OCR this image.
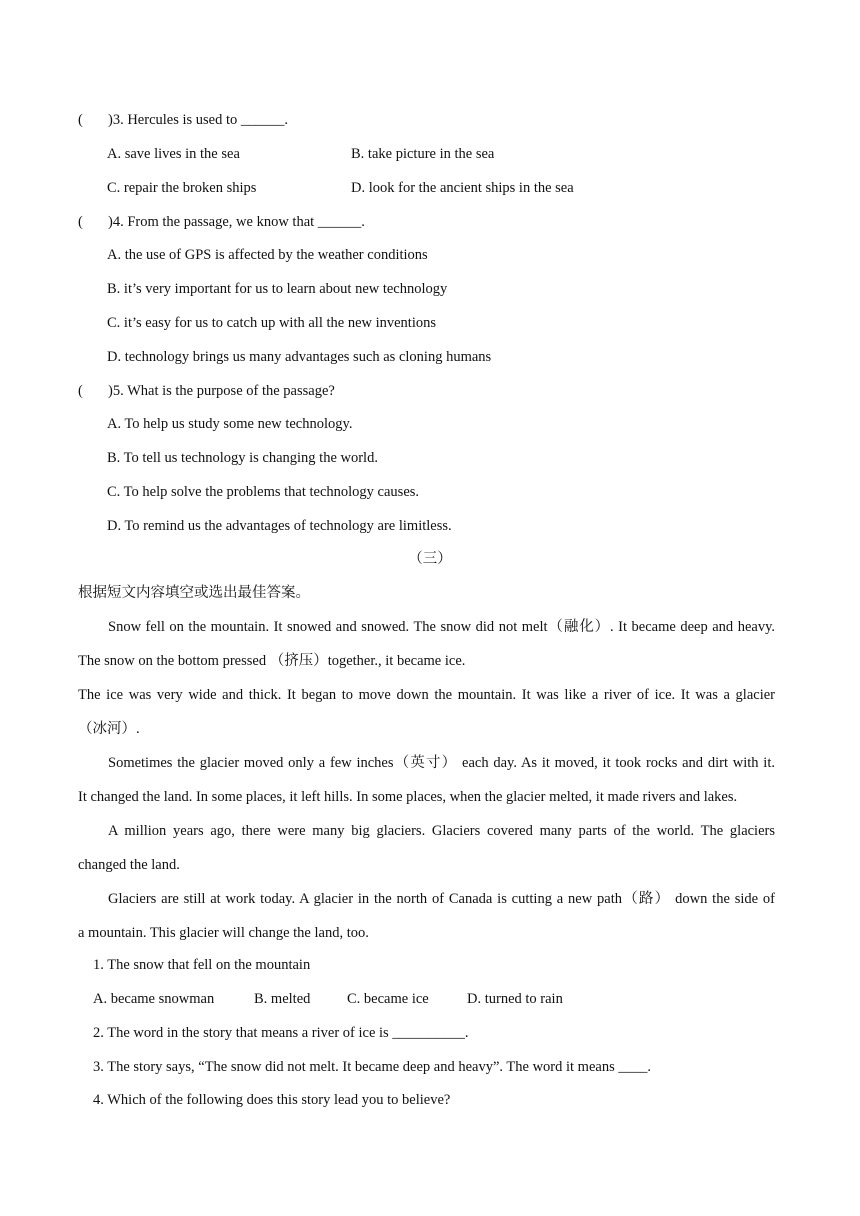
( )3. Hercules is used to ______.
A. save lives in the sea	B. take picture in the sea
C. repair the broken ships	D. look for the ancient ships in the sea
( )4. From the passage, we know that ______.
A. the use of GPS is affected by the weather conditions
B. it’s very important for us to learn about new technology
C. it’s easy for us to catch up with all the new inventions
D. technology brings us many advantages such as cloning humans
( )5. What is the purpose of the passage?
A. To help us study some new technology.
B. To tell us technology is changing the world.
C. To help solve the problems that technology causes.
D. To remind us the advantages of technology are limitless.
（三）
根据短文内容填空或选出最佳答案。
Snow fell on the mountain. It snowed and snowed. The snow did not melt（融化）. It became deep and heavy.
The snow on the bottom pressed （挤压）together., it became ice.
The ice was very wide and thick. It began to move down the mountain. It was like a river of ice. It was a glacier
（冰河）.
Sometimes the glacier moved only a few inches（英寸） each day. As it moved, it took rocks and dirt with it.
It changed the land. In some places, it left hills. In some places, when the glacier melted, it made rivers and lakes.
A million years ago, there were many big glaciers. Glaciers covered many parts of the world. The glaciers
changed the land.
Glaciers are still at work today. A glacier in the north of Canada is cutting a new path（路） down the side of
a mountain. This glacier will change the land, too.
1. The snow that fell on the mountain
A. became snowman	B. melted	C. became ice	D. turned to rain
2. The word in the story that means a river of ice is __________.
3. The story says, “The snow did not melt. It became deep and heavy”. The word it means ____.
4. Which of the following does this story lead you to believe?
